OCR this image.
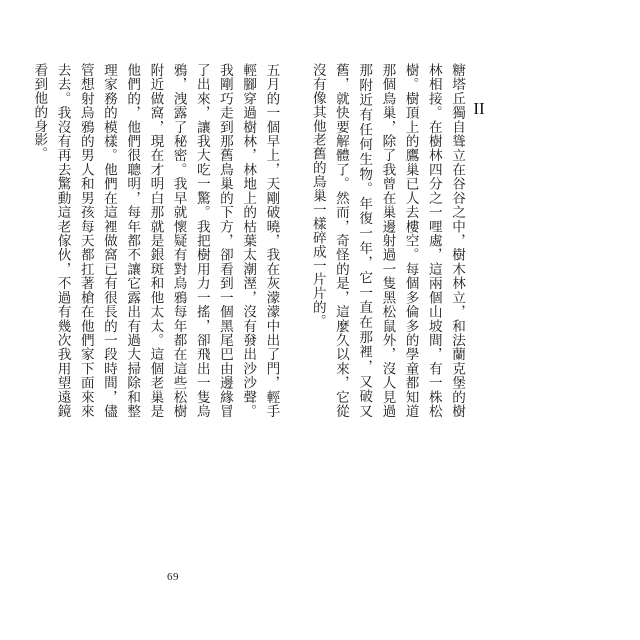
II

糖塔丘獨自聳立在谷谷之中，樹木林立，和法蘭克堡的樹林相接。在樹林四分之一哩處，這兩個山坡間，有一株松樹。樹頂上的鷹巢已人去樓空。每個多倫多的學童都知道那個鳥巢，除了我曾在巢邊射過一隻黑松鼠外，沒人見過那附近有任何生物。年復一年，它一直在那裡，又破又舊，就快要解體了。然而，奇怪的是，這麼久以來，它從沒有像其他老舊的鳥巢一樣碎成一片片的。

五月的一個早上，天剛破曉，我在灰濛濛中出了門，輕手輕腳穿過樹林，林地上的枯葉太潮溼，沒有發出沙沙聲。我剛巧走到那舊鳥巢的下方，卻看到一個黑尾巴由邊緣冒了出來，讓我大吃一驚。我把樹用力一搖，卻飛出一隻烏鴉，洩露了秘密。我早就懷疑有對烏鴉每年都在這些松樹附近做窩，現在才明白那就是銀斑和他太太。這個老巢是他們的，他們很聰明，每年都不讓它露出有過大掃除和整理家務的模樣。他們在這裡做窩已有很長的一段時間，儘管想射烏鴉的男人和男孩每天都扛著槍在他們家下面來來去去。我沒有再去驚動這老傢伙，不過有幾次我用望遠鏡看到他的身影。

69
